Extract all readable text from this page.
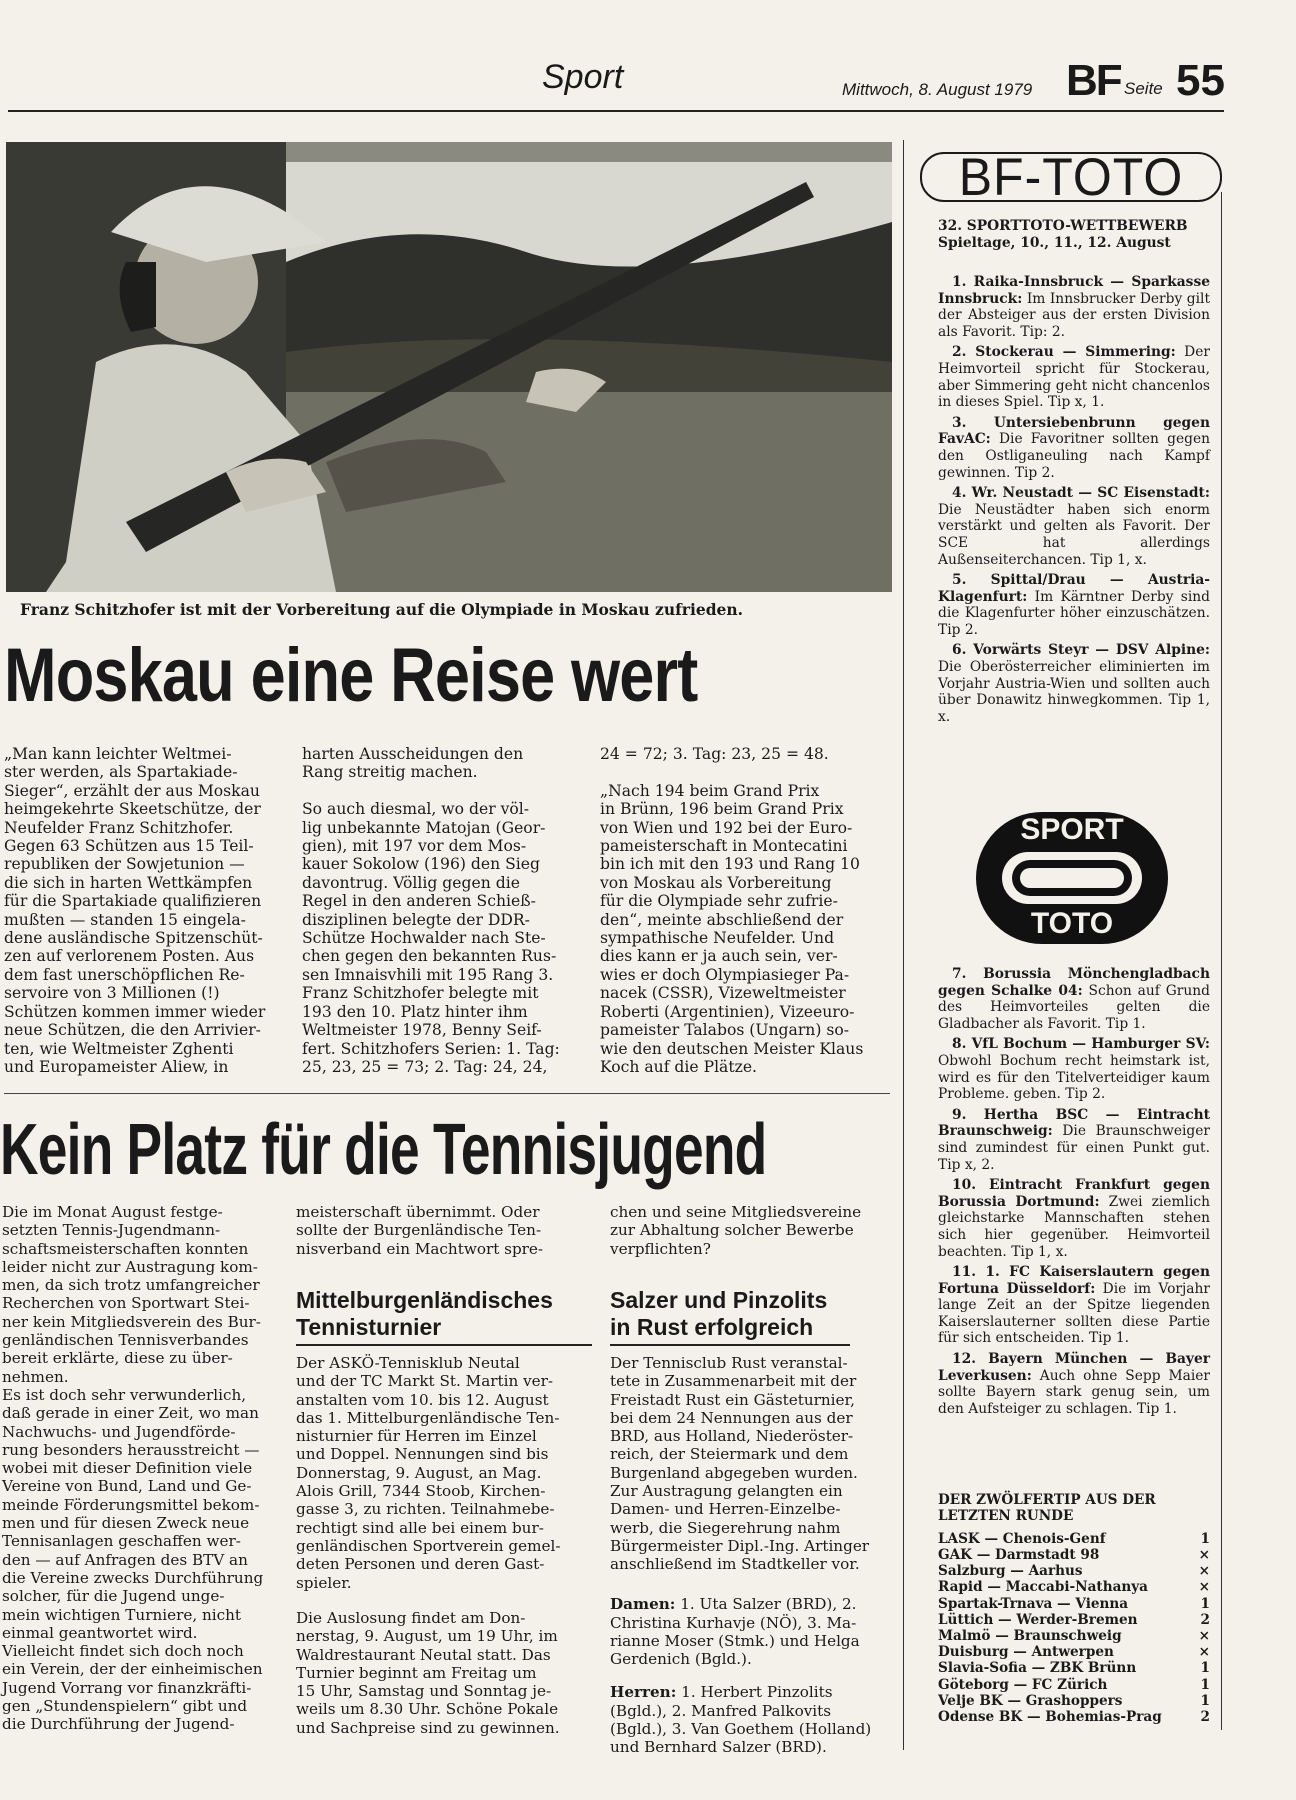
Sport	Mittwoch, 8. August 1979 BF Seite 55
Franz Schitzhofer ist mit der Vorbereitung auf die Olympiade in Moskau zufrieden.
Moskau eine Reise wert
„Man kann leichter Weltmei-
ster werden, als Spartakiade-
Sieger“, erzählt der aus Moskau
heimgekehrte Skeetschütze, der
Neufelder Franz Schitzhofer.
Gegen 63 Schützen aus 15 Teil-
republiken der Sowjetunion —
die sich in harten Wettkämpfen
für die Spartakiade qualifizieren
mußten — standen 15 eingela-
dene ausländische Spitzenschüt-
zen auf verlorenem Posten. Aus
dem fast unerschöpflichen Re-
servoire von 3 Millionen (!)
Schützen kommen immer wieder
neue Schützen, die den Arrivier-
ten, wie Weltmeister Zghenti
und Europameister Aliew, in
harten Ausscheidungen den
Rang streitig machen.

So auch diesmal, wo der völ-
lig unbekannte Matojan (Geor-
gien), mit 197 vor dem Mos-
kauer Sokolow (196) den Sieg
davontrug. Völlig gegen die
Regel in den anderen Schieß-
disziplinen belegte der DDR-
Schütze Hochwalder nach Ste-
chen gegen den bekannten Rus-
sen Imnaisvhili mit 195 Rang 3.
Franz Schitzhofer belegte mit
193 den 10. Platz hinter ihm
Weltmeister 1978, Benny Seif-
fert. Schitzhofers Serien: 1. Tag:
25, 23, 25 = 73; 2. Tag: 24, 24,
24 = 72; 3. Tag: 23, 25 = 48.

„Nach 194 beim Grand Prix
in Brünn, 196 beim Grand Prix
von Wien und 192 bei der Euro-
pameisterschaft in Montecatini
bin ich mit den 193 und Rang 10
von Moskau als Vorbereitung
für die Olympiade sehr zufrie-
den“, meinte abschließend der
sympathische Neufelder. Und
dies kann er ja auch sein, ver-
wies er doch Olympiasieger Pa-
nacek (CSSR), Vizeweltmeister
Roberti (Argentinien), Vizeeuro-
pameister Talabos (Ungarn) so-
wie den deutschen Meister Klaus
Koch auf die Plätze.
Kein Platz für die Tennisjugend
Die im Monat August festge-
setzten Tennis-Jugendmann-
schaftsmeisterschaften konnten
leider nicht zur Austragung kom-
men, da sich trotz umfangreicher
Recherchen von Sportwart Stei-
ner kein Mitgliedsverein des Bur-
genländischen Tennisverbandes
bereit erklärte, diese zu über-
nehmen.
Es ist doch sehr verwunderlich,
daß gerade in einer Zeit, wo man
Nachwuchs- und Jugendförde-
rung besonders herausstreicht —
wobei mit dieser Definition viele
Vereine von Bund, Land und Ge-
meinde Förderungsmittel bekom-
men und für diesen Zweck neue
Tennisanlagen geschaffen wer-
den — auf Anfragen des BTV an
die Vereine zwecks Durchführung
solcher, für die Jugend unge-
mein wichtigen Turniere, nicht
einmal geantwortet wird.
Vielleicht findet sich doch noch
ein Verein, der der einheimischen
Jugend Vorrang vor finanzkräfti-
gen „Stundenspielern“ gibt und
die Durchführung der Jugend-
meisterschaft übernimmt. Oder
sollte der Burgenländische Ten-
nisverband ein Machtwort spre-
chen und seine Mitgliedsvereine
zur Abhaltung solcher Bewerbe
verpflichten?
Mittelburgenländisches Tennisturnier
Der ASKÖ-Tennisklub Neutal
und der TC Markt St. Martin ver-
anstalten vom 10. bis 12. August
das 1. Mittelburgenländische Ten-
nisturnier für Herren im Einzel
und Doppel. Nennungen sind bis
Donnerstag, 9. August, an Mag.
Alois Grill, 7344 Stoob, Kirchen-
gasse 3, zu richten. Teilnahmebe-
rechtigt sind alle bei einem bur-
genländischen Sportverein gemel-
deten Personen und deren Gast-
spieler.
Die Auslosung findet am Don-
nerstag, 9. August, um 19 Uhr, im
Waldrestaurant Neutal statt. Das
Turnier beginnt am Freitag um
15 Uhr, Samstag und Sonntag je-
weils um 8.30 Uhr. Schöne Pokale
und Sachpreise sind zu gewinnen.
Salzer und Pinzolits in Rust erfolgreich
Der Tennisclub Rust veranstal-
tete in Zusammenarbeit mit der
Freistadt Rust ein Gästeturnier,
bei dem 24 Nennungen aus der
BRD, aus Holland, Niederöster-
reich, der Steiermark und dem
Burgenland abgegeben wurden.
Zur Austragung gelangten ein
Damen- und Herren-Einzelbe-
werb, die Siegerehrung nahm
Bürgermeister Dipl.-Ing. Artinger
anschließend im Stadtkeller vor.

Damen: 1. Uta Salzer (BRD), 2.
Christina Kurhavje (NÖ), 3. Ma-
rianne Moser (Stmk.) und Helga
Gerdenich (Bgld.).

Herren: 1. Herbert Pinzolits
(Bgld.), 2. Manfred Palkovits
(Bgld.), 3. Van Goethem (Holland)
und Bernhard Salzer (BRD).

BF-TOTO
32. SPORTTOTO-WETTBEWERB
Spieltage, 10., 11., 12. August

1. Raika-Innsbruck — Sparkasse Innsbruck: Im Innsbrucker Derby gilt der Absteiger aus der ersten Division als Favorit. Tip: 2.

2. Stockerau — Simmering: Der Heimvorteil spricht für Stockerau, aber Simmering geht nicht chancenlos in dieses Spiel. Tip x, 1.

3. Untersiebenbrunn gegen FavAC: Die Favoritner sollten gegen den Ostliganeuling nach Kampf gewinnen. Tip 2.

4. Wr. Neustadt — SC Eisenstadt: Die Neustädter haben sich enorm verstärkt und gelten als Favorit. Der SCE hat allerdings Außenseiterchancen. Tip 1, x.

5. Spittal/Drau — Austria-Klagenfurt: Im Kärntner Derby sind die Klagenfurter höher einzuschätzen. Tip 2.

6. Vorwärts Steyr — DSV Alpine: Die Oberösterreicher eliminierten im Vorjahr Austria-Wien und sollten auch über Donawitz hinwegkommen. Tip 1, x.

SPORT
TOTO

7. Borussia Mönchengladbach gegen Schalke 04: Schon auf Grund des Heimvorteiles gelten die Gladbacher als Favorit. Tip 1.

8. VfL Bochum — Hamburger SV: Obwohl Bochum recht heimstark ist, wird es für den Titelverteidiger kaum Probleme. geben. Tip 2.

9. Hertha BSC — Eintracht Braunschweig: Die Braunschweiger sind zumindest für einen Punkt gut. Tip x, 2.

10. Eintracht Frankfurt gegen Borussia Dortmund: Zwei ziemlich gleichstarke Mannschaften stehen sich hier gegenüber. Heimvorteil beachten. Tip 1, x.

11. 1. FC Kaiserslautern gegen Fortuna Düsseldorf: Die im Vorjahr lange Zeit an der Spitze liegenden Kaiserslauterner sollten diese Partie für sich entscheiden. Tip 1.

12. Bayern München — Bayer Leverkusen: Auch ohne Sepp Maier sollte Bayern stark genug sein, um den Aufsteiger zu schlagen. Tip 1.

DER ZWÖLFERTIP AUS DER LETZTEN RUNDE
LASK — Chenois-Genf	1
GAK — Darmstadt 98	×
Salzburg — Aarhus	×
Rapid — Maccabi-Nathanya	×
Spartak-Trnava — Vienna	1
Lüttich — Werder-Bremen	2
Malmö — Braunschweig	×
Duisburg — Antwerpen	×
Slavia-Sofia — ZBK Brünn	1
Göteborg — FC Zürich	1
Velje BK — Grashoppers	1
Odense BK — Bohemias-Prag	2
